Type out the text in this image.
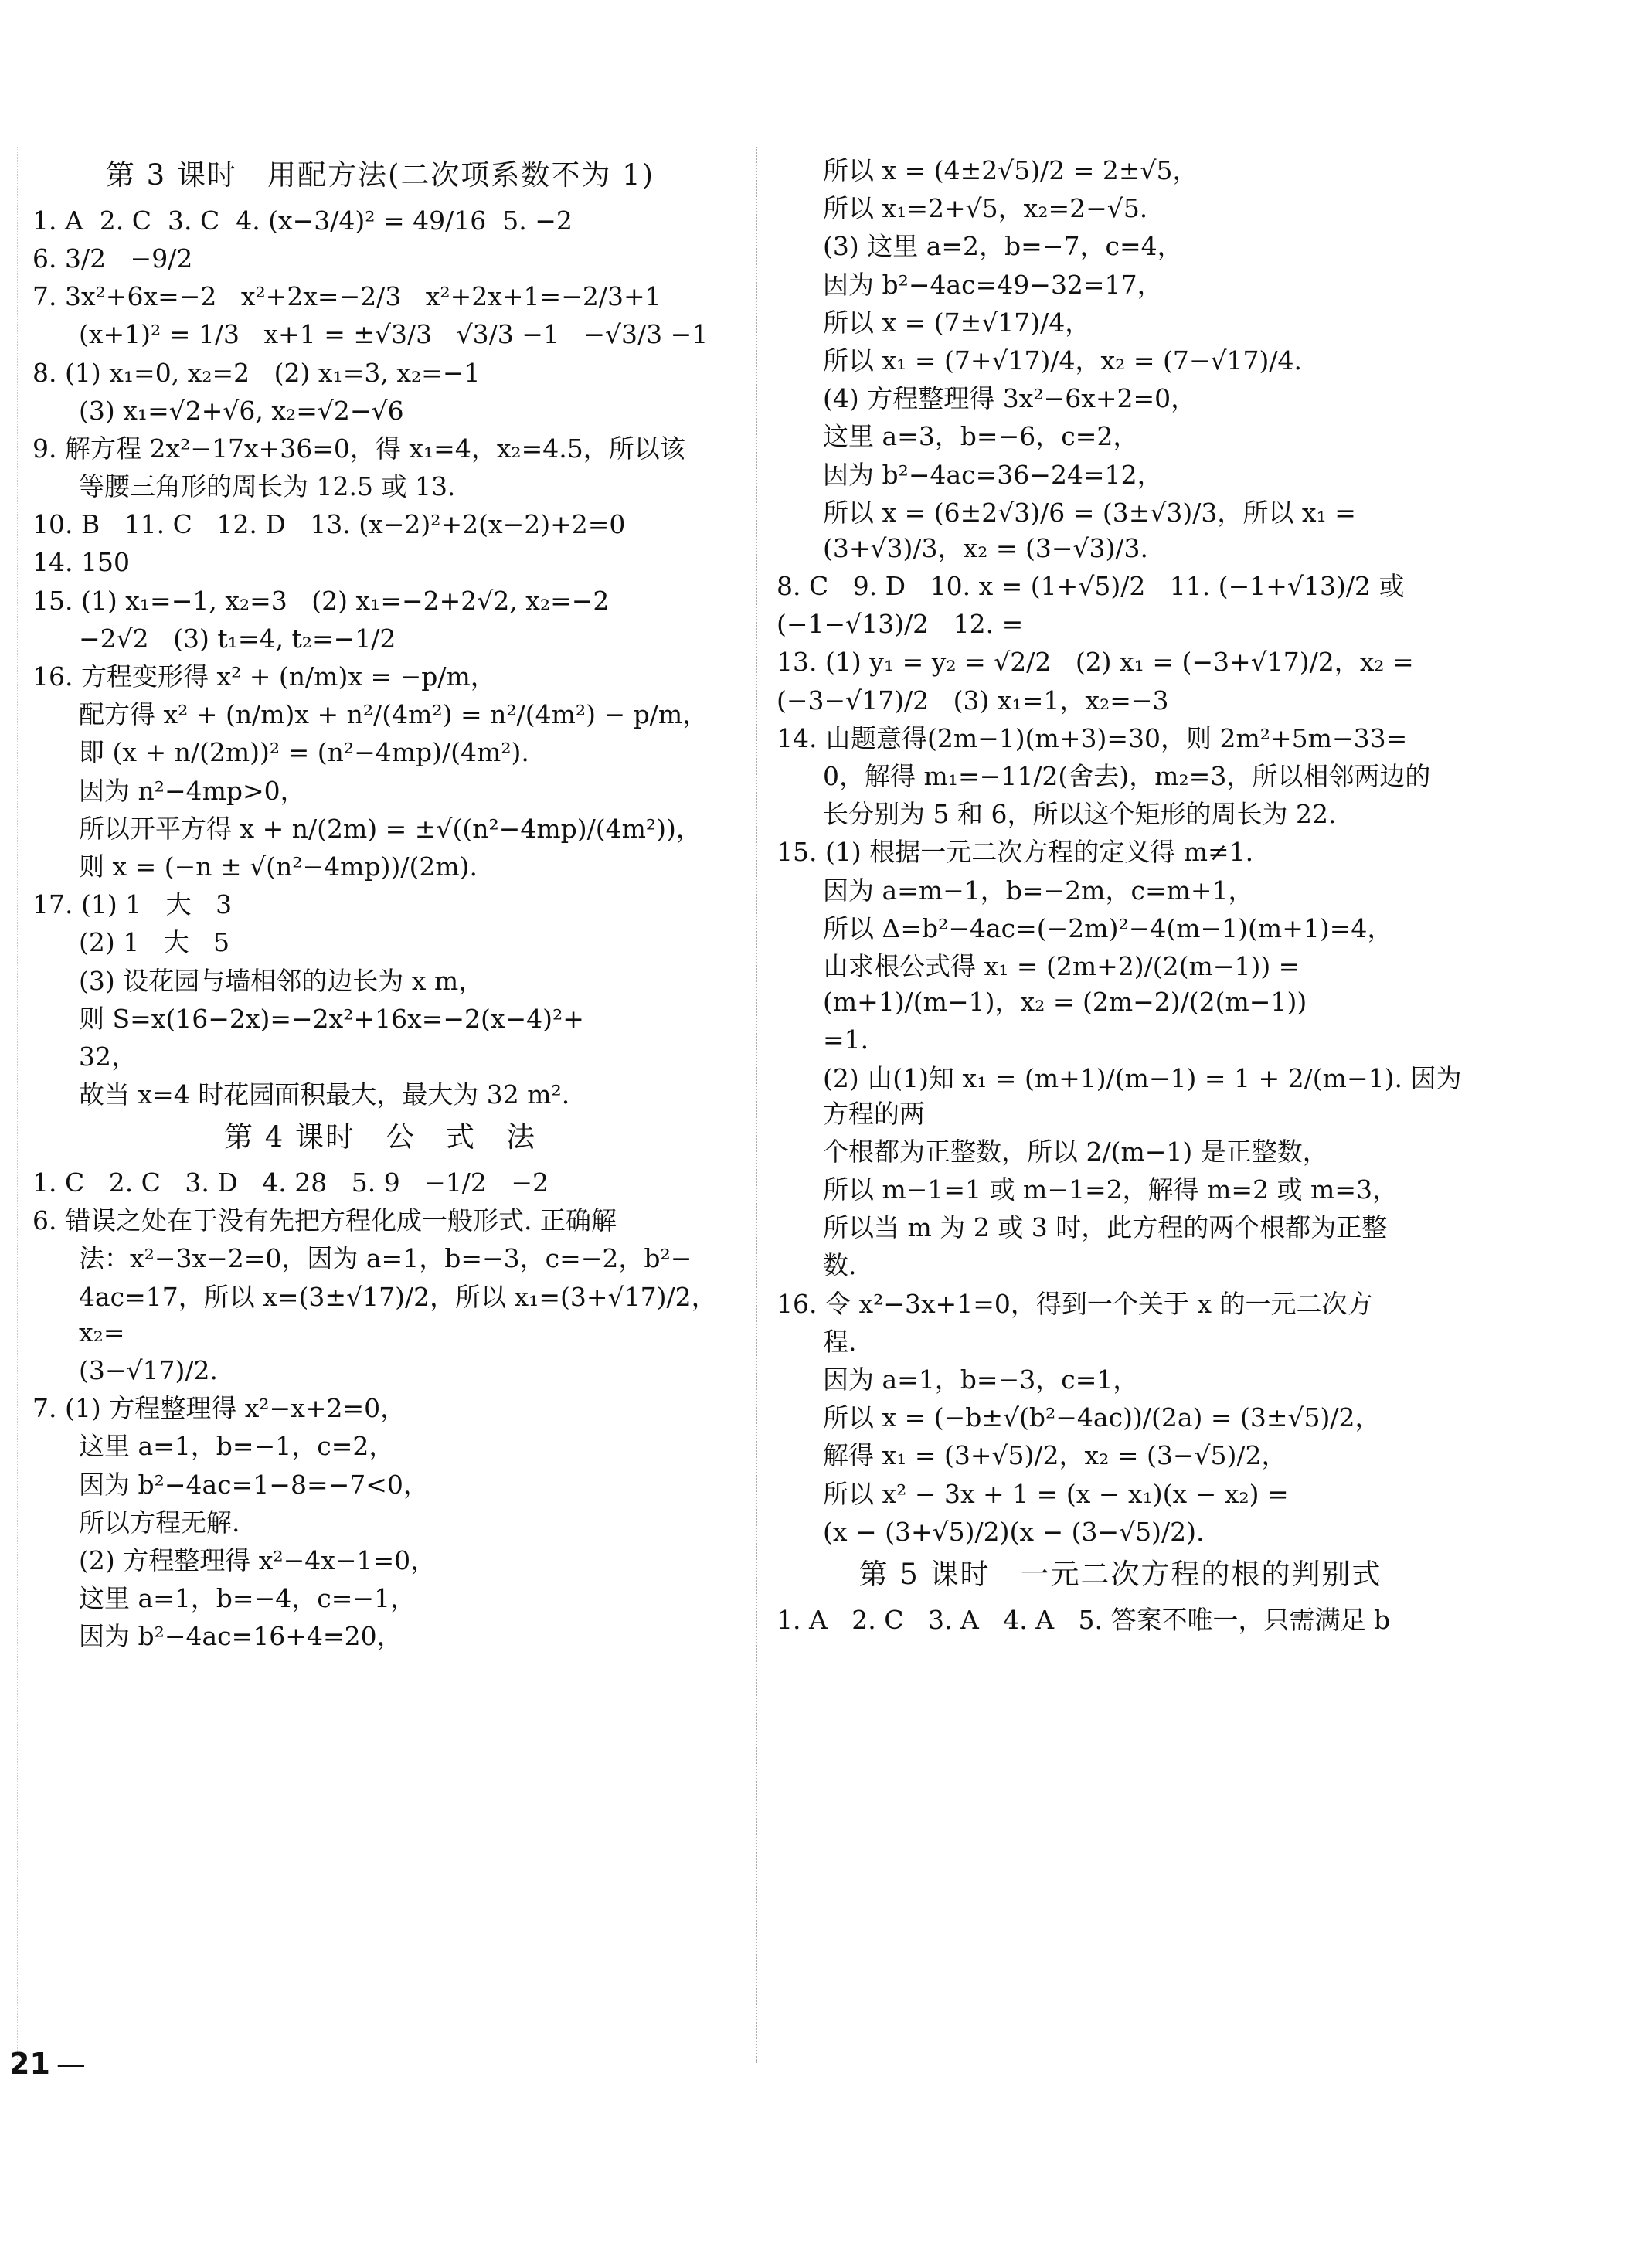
第 3 课时　用配方法(二次项系数不为 1)
1. A  2. C  3. C  4. (x−3/4)² = 49/16  5. −2
6. 3/2   −9/2
7. 3x²+6x=−2   x²+2x=−2/3   x²+2x+1=−2/3+1
(x+1)² = 1/3   x+1 = ±√3/3   √3/3 −1   −√3/3 −1
8. (1) x₁=0, x₂=2   (2) x₁=3, x₂=−1
(3) x₁=√2+√6, x₂=√2−√6
9. 解方程 2x²−17x+36=0，得 x₁=4，x₂=4.5，所以该
等腰三角形的周长为 12.5 或 13.
10. B   11. C   12. D   13. (x−2)²+2(x−2)+2=0
14. 150
15. (1) x₁=−1, x₂=3   (2) x₁=−2+2√2, x₂=−2
−2√2   (3) t₁=4, t₂=−1/2
16. 方程变形得 x² + (n/m)x = −p/m，
配方得 x² + (n/m)x + n²/(4m²) = n²/(4m²) − p/m，
即 (x + n/(2m))² = (n²−4mp)/(4m²).
因为 n²−4mp>0，
所以开平方得 x + n/(2m) = ±√((n²−4mp)/(4m²))，
则 x = (−n ± √(n²−4mp))/(2m).
17. (1) 1   大   3
(2) 1   大   5
(3) 设花园与墙相邻的边长为 x m，
则 S=x(16−2x)=−2x²+16x=−2(x−4)²+
32，
故当 x=4 时花园面积最大，最大为 32 m².
第 4 课时　公　式　法
1. C   2. C   3. D   4. 28   5. 9   −1/2   −2
6. 错误之处在于没有先把方程化成一般形式. 正确解
法：x²−3x−2=0，因为 a=1，b=−3，c=−2，b²−
4ac=17，所以 x=(3±√17)/2，所以 x₁=(3+√17)/2，x₂=
(3−√17)/2.
7. (1) 方程整理得 x²−x+2=0，
这里 a=1，b=−1，c=2，
因为 b²−4ac=1−8=−7<0，
所以方程无解.
(2) 方程整理得 x²−4x−1=0，
这里 a=1，b=−4，c=−1，
因为 b²−4ac=16+4=20，
所以 x = (4±2√5)/2 = 2±√5，
所以 x₁=2+√5，x₂=2−√5.
(3) 这里 a=2，b=−7，c=4，
因为 b²−4ac=49−32=17，
所以 x = (7±√17)/4，
所以 x₁ = (7+√17)/4，x₂ = (7−√17)/4.
(4) 方程整理得 3x²−6x+2=0，
这里 a=3，b=−6，c=2，
因为 b²−4ac=36−24=12，
所以 x = (6±2√3)/6 = (3±√3)/3，所以 x₁ = (3+√3)/3，x₂ = (3−√3)/3.
8. C   9. D   10. x = (1+√5)/2   11. (−1+√13)/2 或
(−1−√13)/2   12. =
13. (1) y₁ = y₂ = √2/2   (2) x₁ = (−3+√17)/2，x₂ =
(−3−√17)/2   (3) x₁=1，x₂=−3
14. 由题意得(2m−1)(m+3)=30，则 2m²+5m−33=
0，解得 m₁=−11/2(舍去)，m₂=3，所以相邻两边的
长分别为 5 和 6，所以这个矩形的周长为 22.
15. (1) 根据一元二次方程的定义得 m≠1.
因为 a=m−1，b=−2m，c=m+1，
所以 Δ=b²−4ac=(−2m)²−4(m−1)(m+1)=4，
由求根公式得 x₁ = (2m+2)/(2(m−1)) = (m+1)/(m−1)，x₂ = (2m−2)/(2(m−1))
=1.
(2) 由(1)知 x₁ = (m+1)/(m−1) = 1 + 2/(m−1). 因为方程的两
个根都为正整数，所以 2/(m−1) 是正整数，
所以 m−1=1 或 m−1=2，解得 m=2 或 m=3，
所以当 m 为 2 或 3 时，此方程的两个根都为正整
数.
16. 令 x²−3x+1=0，得到一个关于 x 的一元二次方
程.
因为 a=1，b=−3，c=1，
所以 x = (−b±√(b²−4ac))/(2a) = (3±√5)/2，
解得 x₁ = (3+√5)/2，x₂ = (3−√5)/2，
所以 x² − 3x + 1 = (x − x₁)(x − x₂) =
(x − (3+√5)/2)(x − (3−√5)/2).
第 5 课时　一元二次方程的根的判别式
1. A   2. C   3. A   4. A   5. 答案不唯一，只需满足 b
21 —
